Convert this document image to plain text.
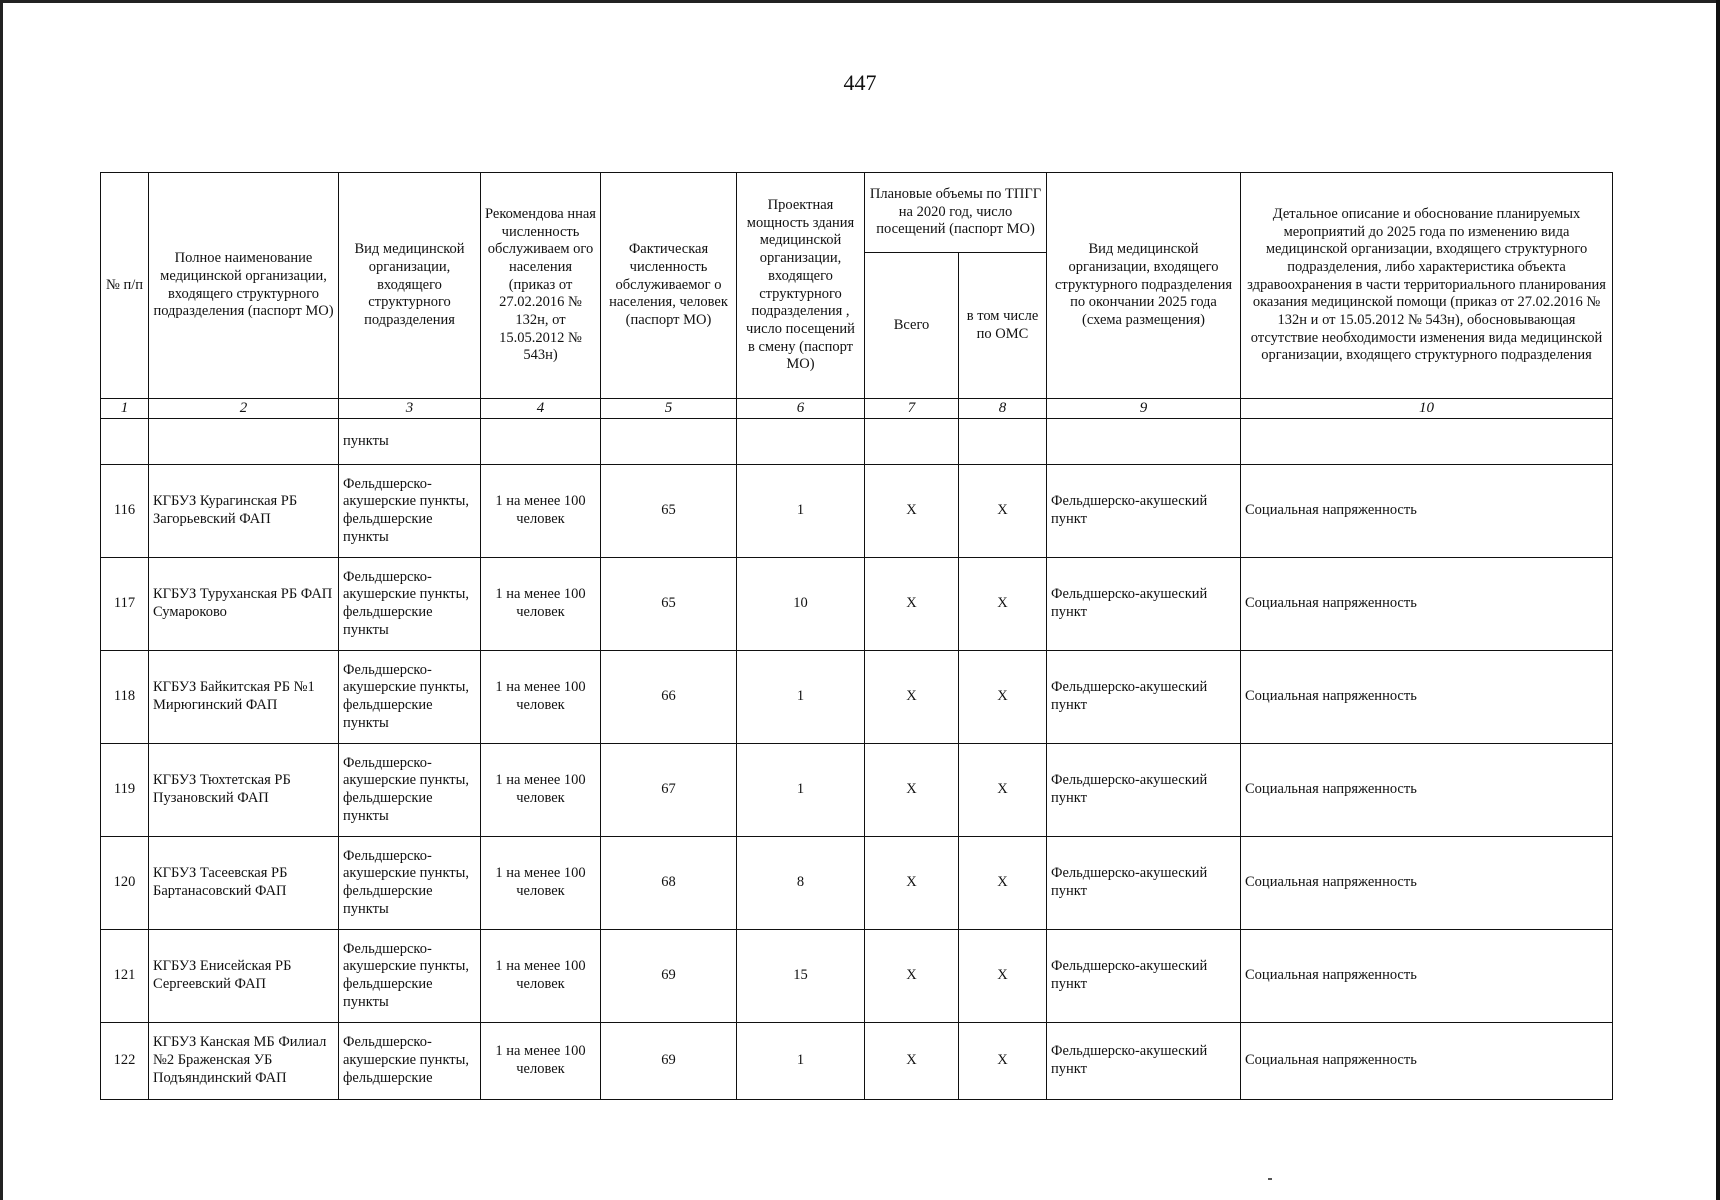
447
№ п/п	Полное наименование медицинской организации, входящего структурного подразделения (паспорт МО)	Вид медицинской организации, входящего структурного подразделения	Рекомендова нная численность обслуживаем ого населения (приказ от 27.02.2016 № 132н, от 15.05.2012 № 543н)	Фактическая численность обслуживаемог о населения, человек (паспорт МО)	Проектная мощность здания медицинской организации, входящего структурного подразделения , число посещений в смену (паспорт МО)	Плановые объемы по ТПГГ на 2020 год, число посещений (паспорт МО)		Вид медицинской организации, входящего структурного подразделения по окончании 2025 года (схема размещения)	Детальное описание и обоснование планируемых мероприятий до 2025 года по изменению вида медицинской организации, входящего структурного подразделения, либо характеристика объекта здравоохранения в части территориального планирования оказания медицинской помощи (приказ от 27.02.2016 № 132н и от 15.05.2012 № 543н), обосновывающая отсутствие необходимости изменения вида медицинской организации, входящего структурного подразделения
						Всего	в том числе по ОМС		
1	2	3	4	5	6	7	8	9	10
		пункты							
116	КГБУЗ Курагинская РБ Загорьевский ФАП	Фельдшерско-акушерские пункты, фельдшерские пункты	1 на менее 100 человек	65	1	X	X	Фельдшерско-акушеский пункт	Социальная напряженность
117	КГБУЗ Туруханская РБ ФАП Сумароково	Фельдшерско-акушерские пункты, фельдшерские пункты	1 на менее 100 человек	65	10	X	X	Фельдшерско-акушеский пункт	Социальная напряженность
118	КГБУЗ Байкитская РБ №1 Мирюгинский ФАП	Фельдшерско-акушерские пункты, фельдшерские пункты	1 на менее 100 человек	66	1	X	X	Фельдшерско-акушеский пункт	Социальная напряженность
119	КГБУЗ Тюхтетская РБ Пузановский ФАП	Фельдшерско-акушерские пункты, фельдшерские пункты	1 на менее 100 человек	67	1	X	X	Фельдшерско-акушеский пункт	Социальная напряженность
120	КГБУЗ Тасеевская РБ Бартанасовский ФАП	Фельдшерско-акушерские пункты, фельдшерские пункты	1 на менее 100 человек	68	8	X	X	Фельдшерско-акушеский пункт	Социальная напряженность
121	КГБУЗ Енисейская РБ Сергеевский ФАП	Фельдшерско-акушерские пункты, фельдшерские пункты	1 на менее 100 человек	69	15	X	X	Фельдшерско-акушеский пункт	Социальная напряженность
122	КГБУЗ Канская МБ Филиал №2 Браженская УБ Подъяндинский ФАП	Фельдшерско-акушерские пункты, фельдшерские	1 на менее 100 человек	69	1	X	X	Фельдшерско-акушеский пункт	Социальная напряженность
